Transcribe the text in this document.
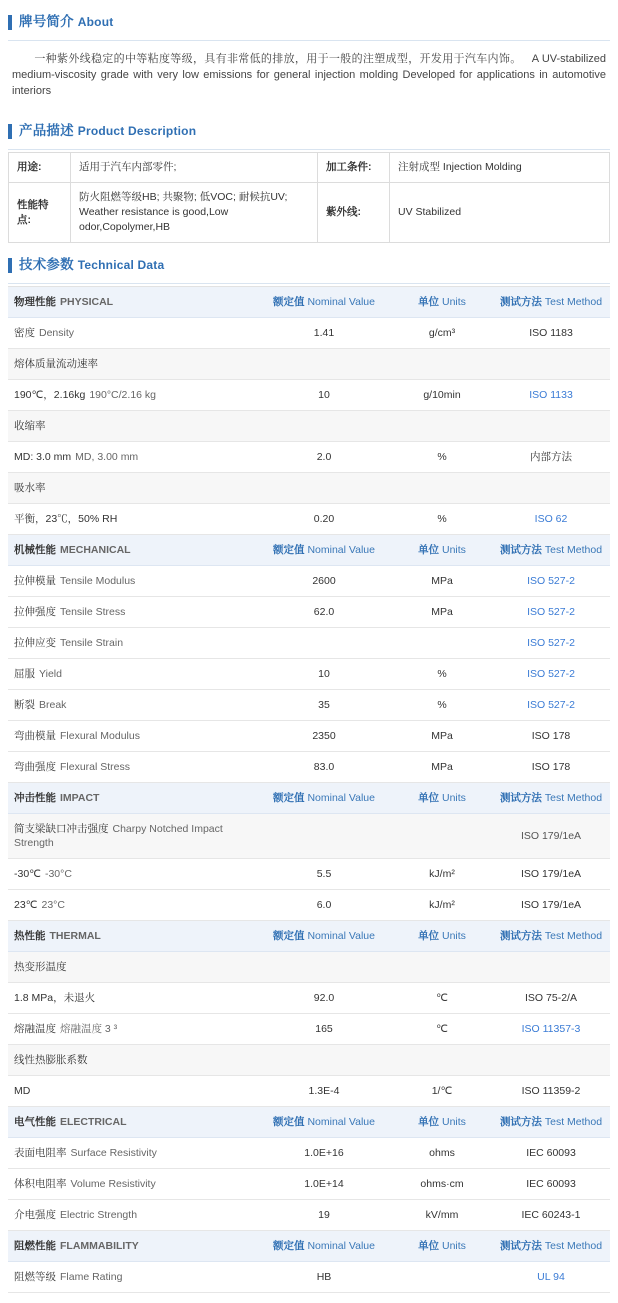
牌号简介 About
一种紫外线稳定的中等粘度等级，具有非常低的排放，用于一般的注塑成型，开发用于汽车内饰。 A UV-stabilized medium-viscosity grade with very low emissions for general injection molding Developed for applications in automotive interiors
产品描述 Product Description
用途:	适用于汽车内部零件;	加工条件:	注射成型 Injection Molding
性能特点:	防火阻燃等级HB; 共聚物; 低VOC; 耐候抗UV;
Weather resistance is good,Low odor,Copolymer,HB	紫外线:	UV Stabilized
技术参数 Technical Data
物理性能 PHYSICAL	额定值 Nominal Value	单位 Units	测试方法 Test Method
密度 Density	1.41	g/cm³	ISO 1183
熔体质量流动速率			
190℃，2.16kg 190°C/2.16 kg	10	g/10min	ISO 1133
收缩率			
MD: 3.0 mm MD, 3.00 mm	2.0	%	内部方法
吸水率			
平衡，23℃，50% RH	0.20	%	ISO 62
机械性能 MECHANICAL	额定值 Nominal Value	单位 Units	测试方法 Test Method
拉伸模量 Tensile Modulus	2600	MPa	ISO 527-2
拉伸强度 Tensile Stress	62.0	MPa	ISO 527-2
拉伸应变 Tensile Strain			ISO 527-2
屈服 Yield	10	%	ISO 527-2
断裂 Break	35	%	ISO 527-2
弯曲模量 Flexural Modulus	2350	MPa	ISO 178
弯曲强度 Flexural Stress	83.0	MPa	ISO 178
冲击性能 IMPACT	额定值 Nominal Value	单位 Units	测试方法 Test Method
简支梁缺口冲击强度 Charpy Notched Impact Strength			ISO 179/1eA
-30℃ -30°C	5.5	kJ/m²	ISO 179/1eA
23℃ 23°C	6.0	kJ/m²	ISO 179/1eA
热性能 THERMAL	额定值 Nominal Value	单位 Units	测试方法 Test Method
热变形温度			
1.8 MPa，未退火	92.0	℃	ISO 75-2/A
熔融温度 熔融温度 3 ³	165	℃	ISO 11357-3
线性热膨胀系数			
MD	1.3E-4	1/℃	ISO 11359-2
电气性能 ELECTRICAL	额定值 Nominal Value	单位 Units	测试方法 Test Method
表面电阻率 Surface Resistivity	1.0E+16	ohms	IEC 60093
体积电阻率 Volume Resistivity	1.0E+14	ohms·cm	IEC 60093
介电强度 Electric Strength	19	kV/mm	IEC 60243-1
阻燃性能 FLAMMABILITY	额定值 Nominal Value	单位 Units	测试方法 Test Method
阻燃等级 Flame Rating	HB		UL 94
